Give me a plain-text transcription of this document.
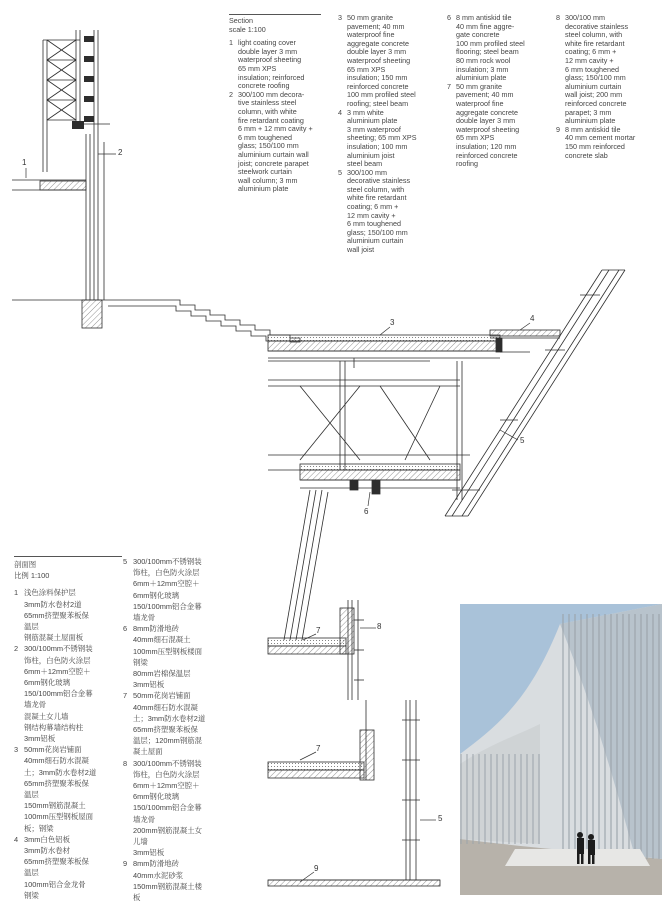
Section
scale 1:100
1 light coating cover
double layer 3 mm
waterproof sheeting
65 mm XPS
insulation; reinforced
concrete roofing
2 300/100 mm decora-
tive stainless steel
column, with white
fire retardant coating
6 mm + 12 mm cavity +
6 mm toughened
glass; 150/100 mm
aluminium curtain wall
joist; concrete parapet
steelwork curtain
wall column; 3 mm
aluminium plate
3 50 mm granite
pavement; 40 mm
waterproof fine
aggregate concrete
double layer 3 mm
waterproof sheeting
65 mm XPS
insulation; 150 mm
reinforced concrete
100 mm profiled steel
roofing; steel beam
4 3 mm white
aluminium plate
3 mm waterproof
sheeting; 65 mm XPS
insulation; 100 mm
aluminium joist
steel beam
5 300/100 mm
decorative stainless
steel column, with
white fire retardant
coating; 6 mm +
12 mm cavity +
6 mm toughened
glass; 150/100 mm
aluminium curtain
wall joist
6 8 mm antiskid tile
40 mm fine aggre-
gate concrete
100 mm profiled steel
flooring; steel beam
80 mm rock wool
insulation; 3 mm
aluminium plate
7 50 mm granite
pavement; 40 mm
waterproof fine
aggregate concrete
double layer 3 mm
waterproof sheeting
65 mm XPS
insulation; 120 mm
reinforced concrete
roofing
8 300/100 mm
decorative stainless
steel column, with
white fire retardant
coating; 6 mm +
12 mm cavity +
6 mm toughened
glass; 150/100 mm
aluminium curtain
wall joist; 200 mm
reinforced concrete
parapet; 3 mm
aluminium plate
9 8 mm antiskid tile
40 mm cement mortar
150 mm reinforced
concrete slab
剖面图
比例 1:100
1 浅色涂料保护层
3mm防水卷材2道
65mm挤塑聚苯板保
温层
钢筋混凝土屋面板
2 300/100mm不锈钢装
饰柱，白色防火涂层
6mm＋12mm空腔＋
6mm钢化玻璃
150/100mm铝合金幕
墙龙骨
混凝土女儿墙
钢结构幕墙结构柱
3mm铝板
3 50mm花岗岩铺面
40mm细石防水混凝
土；3mm防水卷材2道
65mm挤塑聚苯板保
温层
150mm钢筋混凝土
100mm压型钢板屋面
板；钢梁
4 3mm白色铝板
3mm防水卷材
65mm挤塑聚苯板保
温层
100mm铝合金龙骨
钢梁
5 300/100mm不锈钢装
饰柱，白色防火涂层
6mm＋12mm空腔＋
6mm钢化玻璃
150/100mm铝合金幕
墙龙骨
6 8mm防滑地砖
40mm细石混凝土
100mm压型钢板楼面
钢梁
80mm岩棉保温层
3mm铝板
7 50mm花岗岩铺面
40mm细石防水混凝
土；3mm防水卷材2道
65mm挤塑聚苯板保
温层；120mm钢筋混
凝土屋面
8 300/100mm不锈钢装
饰柱，白色防火涂层
6mm＋12mm空腔＋
6mm钢化玻璃
150/100mm铝合金幕
墙龙骨
200mm钢筋混凝土女
儿墙
3mm铝板
9 8mm防滑地砖
40mm水泥砂浆
150mm钢筋混凝土楼
板
1
2
3	4
5
6
7	8
7
5
9
